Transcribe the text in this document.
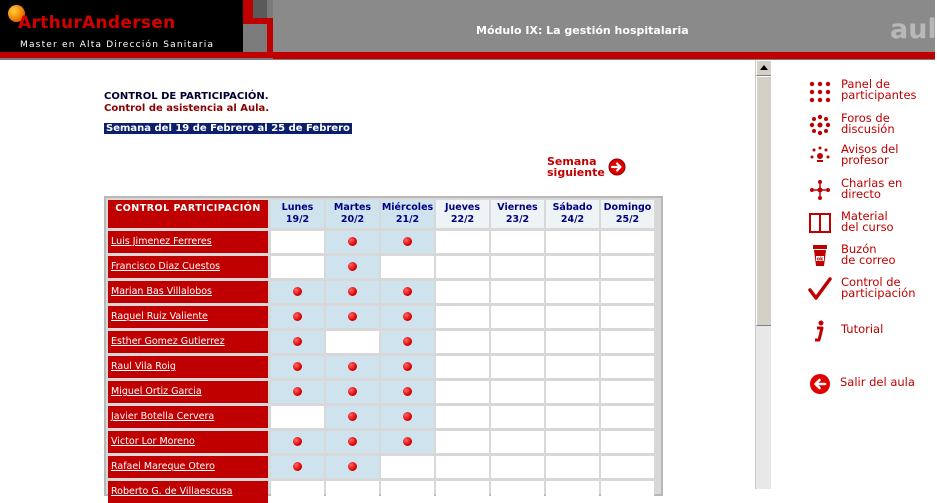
ArthurAndersen
Master en Alta Dirección Sanitaria
Módulo IX: La gestión hospitalaria	aul
CONTROL DE PARTICIPACIÓN.
Control de asistencia al Aula.
Semana del 19 de Febrero al 25 de Febrero
Semana
siguiente
CONTROL PARTICIPACIÓN	Lunes
19/2
Martes
20/2
Miércoles
21/2
Jueves
22/2
Viernes
23/2
Sábado
24/2
Domingo
25/2
Luis Jimenez Ferreres
Francisco Diaz Cuestos
Marian Bas Villalobos
Raquel Ruiz Valiente
Esther Gomez Gutierrez
Raul Vila Roig
Miguel Ortiz Garcia
Javier Botella Cervera
Victor Lor Moreno
Rafael Mareque Otero
Roberto G. de Villaescusa
Panel de
participantes
Foros de
discusión
Avisos del
profesor
Charlas en
directo
Material
del curso
ok
Buzón
de correo
Control de
participación
Tutorial
Salir del aula
